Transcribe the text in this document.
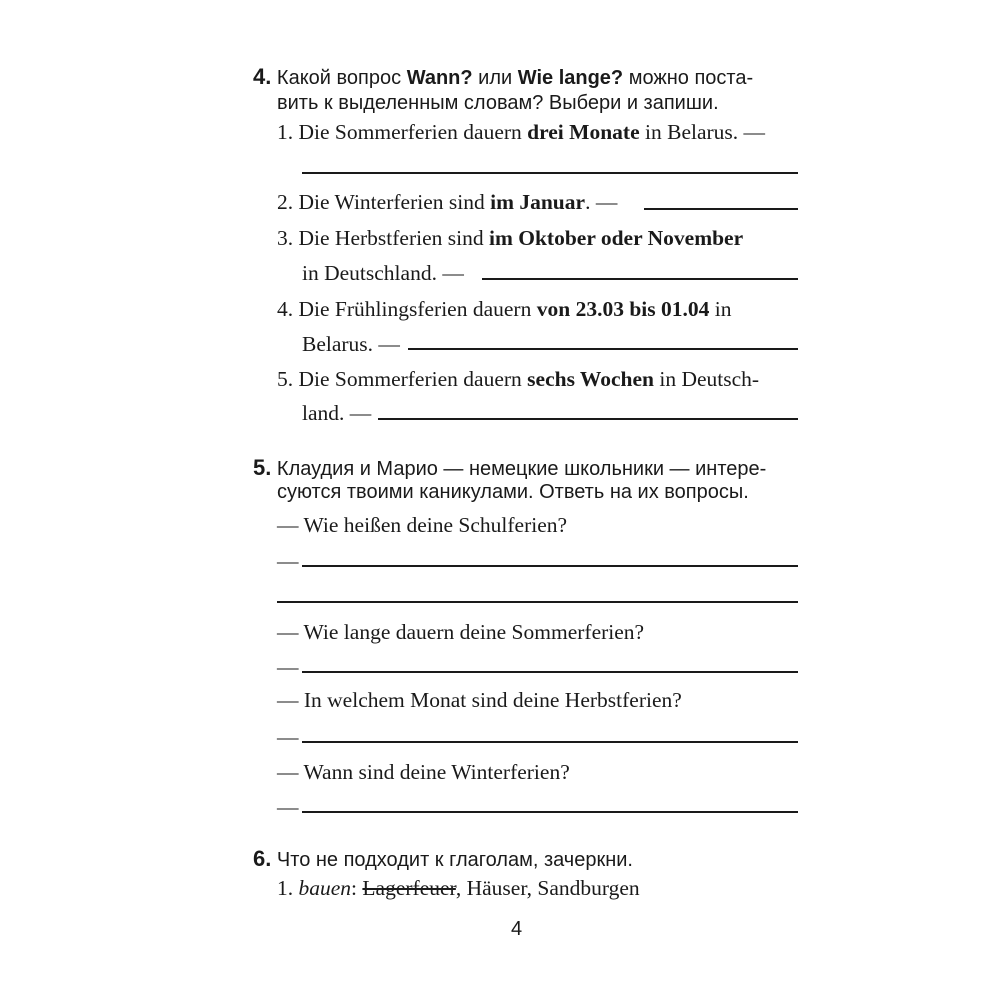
4. Какой вопрос Wann? или Wie lange? можно поста-
вить к выделенным словам? Выбери и запиши.
1. Die Sommerferien dauern drei Monate in Belarus. —
2. Die Winterferien sind im Januar. —
3. Die Herbstferien sind im Oktober oder November
in Deutschland. —
4. Die Frühlingsferien dauern von 23.03 bis 01.04 in
Belarus. —
5. Die Sommerferien dauern sechs Wochen in Deutsch-
land. —
5. Клаудия и Марио — немецкие школьники — интере-
суются твоими каникулами. Ответь на их вопросы.
— Wie heißen deine Schulferien?
—
— Wie lange dauern deine Sommerferien?
—
— In welchem Monat sind deine Herbstferien?
—
— Wann sind deine Winterferien?
—
6. Что не подходит к глаголам, зачеркни.
1. bauen: Lagerfeuer, Häuser, Sandburgen
4
